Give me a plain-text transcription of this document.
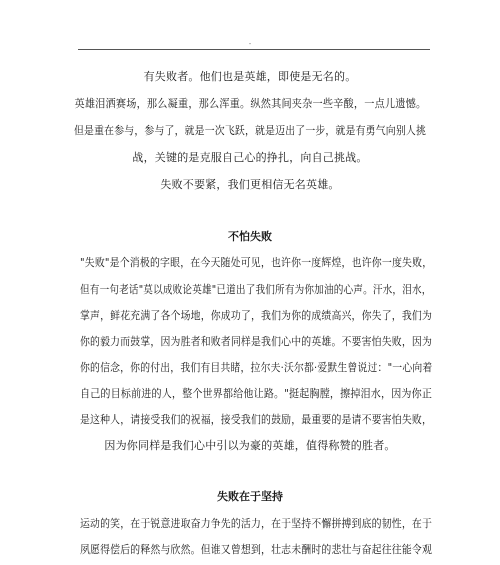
-
有失败者。他们也是英雄，即使是无名的。
英雄泪洒赛场，那么凝重，那么浑重。纵然其间夹杂一些辛酸，一点儿遗憾。
但是重在参与，参与了，就是一次飞跃，就是迈出了一步，就是有勇气向别人挑
战，关键的是克服自己心的挣扎，向自己挑战。
失败不要紧，我们更相信无名英雄。
不怕失败
"失败"是个消极的字眼，在今天随处可见，也许你一度辉煌，也许你一度失败，
但有一句老话"莫以成败论英雄"已道出了我们所有为你加油的心声。汗水，泪水，
掌声，鲜花充满了各个场地，你成功了，我们为你的成绩高兴，你失了，我们为
你的毅力而鼓掌，因为胜者和败者同样是我们心中的英雄。不要害怕失败，因为
你的信念，你的付出，我们有目共睹，拉尔夫·沃尔都·爱默生曾说过："一心向着
自己的目标前进的人，整个世界都给他让路。"挺起胸膛，擦掉泪水，因为你正
是这种人，请接受我们的祝福，接受我们的鼓励，最重要的是请不要害怕失败，
因为你同样是我们心中引以为豪的英雄，值得称赞的胜者。
失败在于坚持
运动的笑，在于锐意进取奋力争先的活力，在于坚持不懈拼搏到底的韧性，在于
夙愿得偿后的释然与欣然。但谁又曾想到，壮志未酬时的悲壮与奋起往往能令观
